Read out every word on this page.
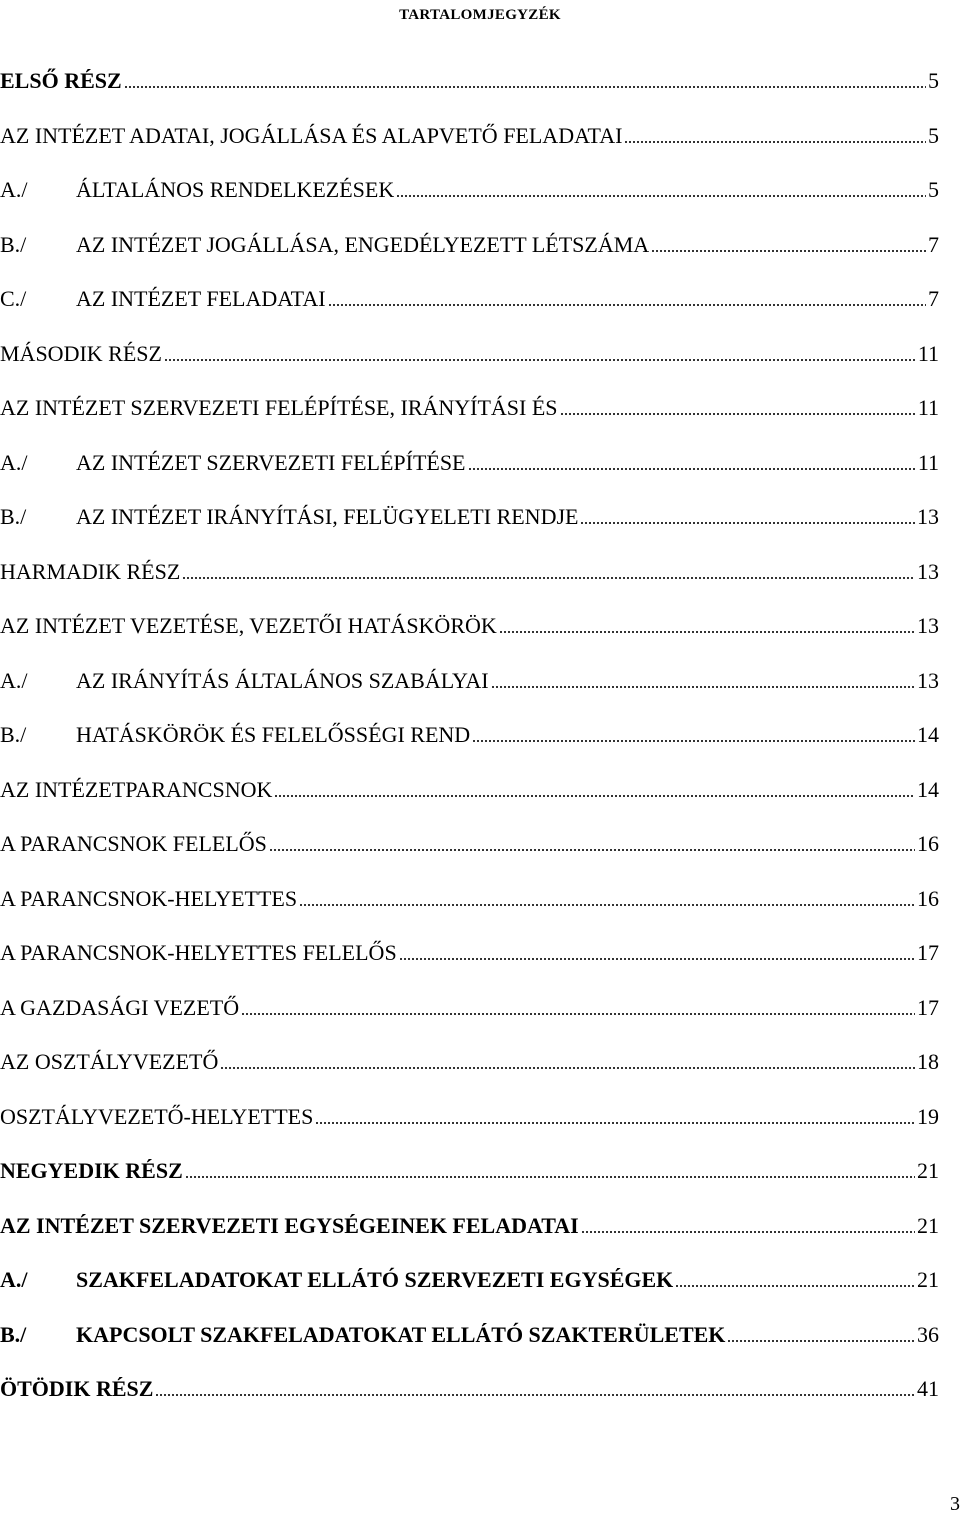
TARTALOMJEGYZÉK
ELSŐ RÉSZ	5
AZ INTÉZET ADATAI, JOGÁLLÁSA ÉS ALAPVETŐ FELADATAI	5
A./	ÁLTALÁNOS RENDELKEZÉSEK	5
B./	AZ INTÉZET JOGÁLLÁSA, ENGEDÉLYEZETT LÉTSZÁMA	7
C./	AZ INTÉZET FELADATAI	7
MÁSODIK RÉSZ	11
AZ INTÉZET SZERVEZETI FELÉPÍTÉSE, IRÁNYÍTÁSI ÉS	11
A./	AZ INTÉZET SZERVEZETI FELÉPÍTÉSE	11
B./	AZ INTÉZET IRÁNYÍTÁSI, FELÜGYELETI RENDJE	13
HARMADIK RÉSZ	13
AZ INTÉZET VEZETÉSE, VEZETŐI HATÁSKÖRÖK	13
A./	AZ IRÁNYÍTÁS ÁLTALÁNOS SZABÁLYAI	13
B./	HATÁSKÖRÖK ÉS FELELŐSSÉGI REND	14
AZ INTÉZETPARANCSNOK	14
A PARANCSNOK FELELŐS	16
A PARANCSNOK-HELYETTES	16
A PARANCSNOK-HELYETTES FELELŐS	17
A GAZDASÁGI VEZETŐ	17
AZ OSZTÁLYVEZETŐ	18
OSZTÁLYVEZETŐ-HELYETTES	19
NEGYEDIK RÉSZ	21
AZ INTÉZET SZERVEZETI EGYSÉGEINEK FELADATAI	21
A./	SZAKFELADATOKAT ELLÁTÓ SZERVEZETI EGYSÉGEK	21
B./	KAPCSOLT SZAKFELADATOKAT ELLÁTÓ SZAKTERÜLETEK	36
ÖTÖDIK RÉSZ	41
3
